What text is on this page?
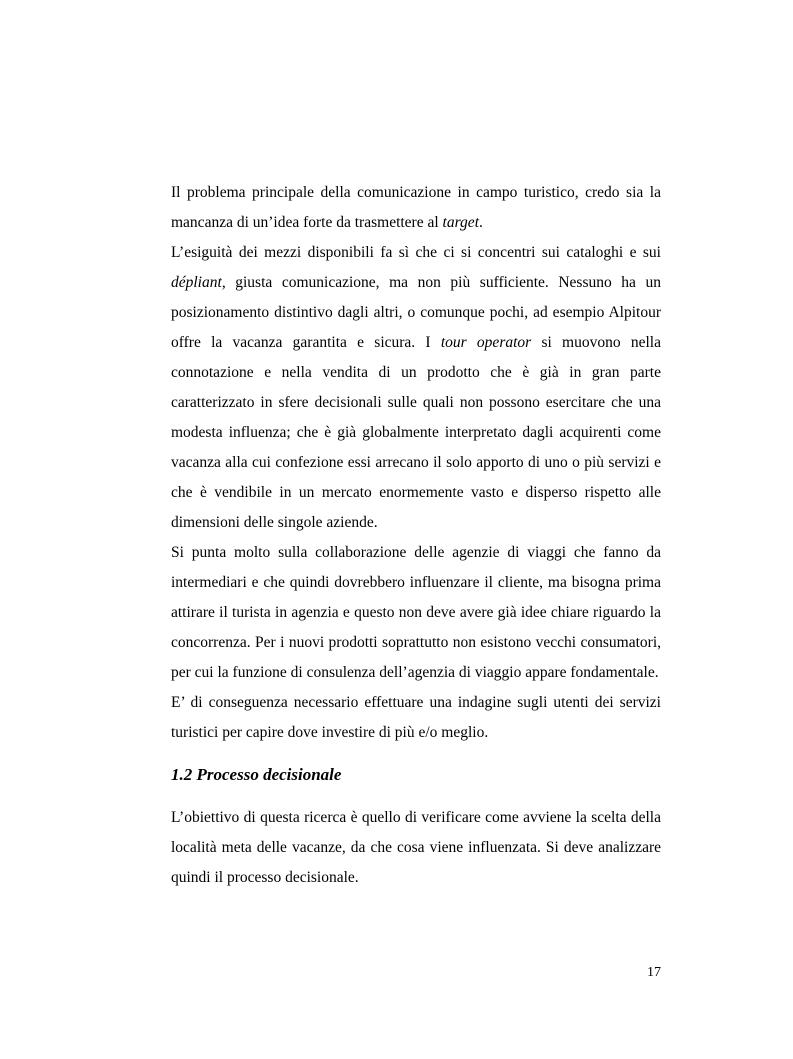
Il problema principale della comunicazione in campo turistico, credo sia la mancanza di un’idea forte da trasmettere al target.

L’esiguità dei mezzi disponibili fa sì che ci si concentri sui cataloghi e sui dépliant, giusta comunicazione, ma non più sufficiente. Nessuno ha un posizionamento distintivo dagli altri, o comunque pochi, ad esempio Alpitour offre la vacanza garantita e sicura. I tour operator si muovono nella connotazione e nella vendita di un prodotto che è già in gran parte caratterizzato in sfere decisionali sulle quali non possono esercitare che una modesta influenza; che è già globalmente interpretato dagli acquirenti come vacanza alla cui confezione essi arrecano il solo apporto di uno o più servizi e che è vendibile in un mercato enormemente vasto e disperso rispetto alle dimensioni delle singole aziende.

Si punta molto sulla collaborazione delle agenzie di viaggi che fanno da intermediari e che quindi dovrebbero influenzare il cliente, ma bisogna prima attirare il turista in agenzia e questo non deve avere già idee chiare riguardo la concorrenza. Per i nuovi prodotti soprattutto non esistono vecchi consumatori, per cui la funzione di consulenza dell’agenzia di viaggio appare fondamentale.

E’ di conseguenza necessario effettuare una indagine sugli utenti dei servizi turistici per capire dove investire di più e/o meglio.

1.2 Processo decisionale

L’obiettivo di questa ricerca è quello di verificare come avviene la scelta della località meta delle vacanze, da che cosa viene influenzata. Si deve analizzare quindi il processo decisionale.

17
